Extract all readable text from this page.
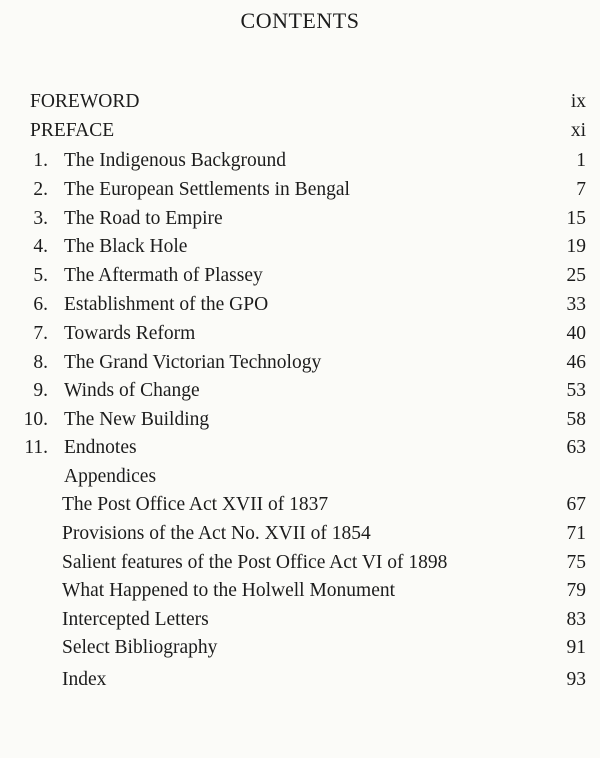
CONTENTS
FOREWORD	ix
PREFACE	xi
1. The Indigenous Background	1
2. The European Settlements in Bengal	7
3. The Road to Empire	15
4. The Black Hole	19
5. The Aftermath of Plassey	25
6. Establishment of the GPO	33
7. Towards Reform	40
8. The Grand Victorian Technology	46
9. Winds of Change	53
10. The New Building	58
11. Endnotes	63
Appendices
The Post Office Act XVII of 1837	67
Provisions of the Act No. XVII of 1854	71
Salient features of the Post Office Act VI of 1898	75
What Happened to the Holwell Monument	79
Intercepted Letters	83
Select Bibliography	91
Index	93
